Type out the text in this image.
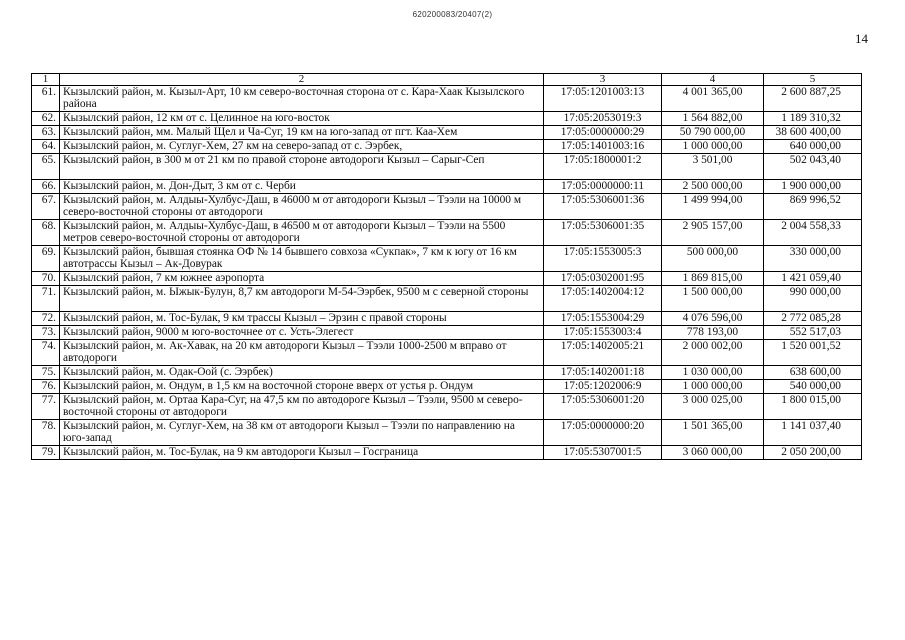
620200083/20407(2)
14
1	2	3	4	5
61.	Кызылский район, м. Кызыл-Арт, 10 км северо-восточная сторона от с. Кара-Хаак Кызылского района	17:05:1201003:13	4 001 365,00	2 600 887,25
62.	Кызылский район, 12 км от с. Целинное на юго-восток	17:05:2053019:3	1 564 882,00	1 189 310,32
63.	Кызылский район, мм. Малый Щел и Ча-Суг, 19 км на юго-запад от пгт. Каа-Хем	17:05:0000000:29	50 790 000,00	38 600 400,00
64.	Кызылский район, м. Суглуг-Хем, 27 км на северо-запад от с. Ээрбек,	17:05:1401003:16	1 000 000,00	640 000,00
65.	Кызылский район, в 300 м от 21 км по правой стороне автодороги Кызыл – Сарыг-Сеп	17:05:1800001:2	3 501,00	502 043,40
66.	Кызылский район, м. Дон-Дыт, 3 км от с. Черби	17:05:0000000:11	2 500 000,00	1 900 000,00
67.	Кызылский район, м. Алдыы-Хулбус-Даш, в 46000 м от автодороги Кызыл – Тээли на 10000 м северо-восточной стороны от автодороги	17:05:5306001:36	1 499 994,00	869 996,52
68.	Кызылский район, м. Алдыы-Хулбус-Даш, в 46500 м от автодороги Кызыл – Тээли на 5500 метров северо-восточной стороны от автодороги	17:05:5306001:35	2 905 157,00	2 004 558,33
69.	Кызылский район, бывшая стоянка ОФ № 14 бывшего совхоза «Сукпак», 7 км к югу от 16 км автотрассы Кызыл – Ак-Довурак	17:05:1553005:3	500 000,00	330 000,00
70.	Кызылский район, 7 км южнее аэропорта	17:05:0302001:95	1 869 815,00	1 421 059,40
71.	Кызылский район, м. Ыжык-Булун, 8,7 км автодороги М-54-Ээрбек, 9500 м с северной стороны	17:05:1402004:12	1 500 000,00	990 000,00
72.	Кызылский район, м. Тос-Булак, 9 км трассы Кызыл – Эрзин с правой стороны	17:05:1553004:29	4 076 596,00	2 772 085,28
73.	Кызылский район, 9000 м юго-восточнее от с. Усть-Элегест	17:05:1553003:4	778 193,00	552 517,03
74.	Кызылский район, м. Ак-Хавак, на 20 км автодороги Кызыл – Тээли 1000-2500 м вправо от автодороги	17:05:1402005:21	2 000 002,00	1 520 001,52
75.	Кызылский район, м. Одак-Оой (с. Ээрбек)	17:05:1402001:18	1 030 000,00	638 600,00
76.	Кызылский район, м. Ондум, в 1,5 км на восточной стороне вверх от устья р. Ондум	17:05:1202006:9	1 000 000,00	540 000,00
77.	Кызылский район, м. Ортаа Кара-Суг, на 47,5 км по автодороге Кызыл – Тээли, 9500 м северо-восточной стороны от автодороги	17:05:5306001:20	3 000 025,00	1 800 015,00
78.	Кызылский район, м. Суглуг-Хем, на 38 км от автодороги Кызыл – Тээли по направлению на юго-запад	17:05:0000000:20	1 501 365,00	1 141 037,40
79.	Кызылский район, м. Тос-Булак, на 9 км автодороги Кызыл – Госграница	17:05:5307001:5	3 060 000,00	2 050 200,00
